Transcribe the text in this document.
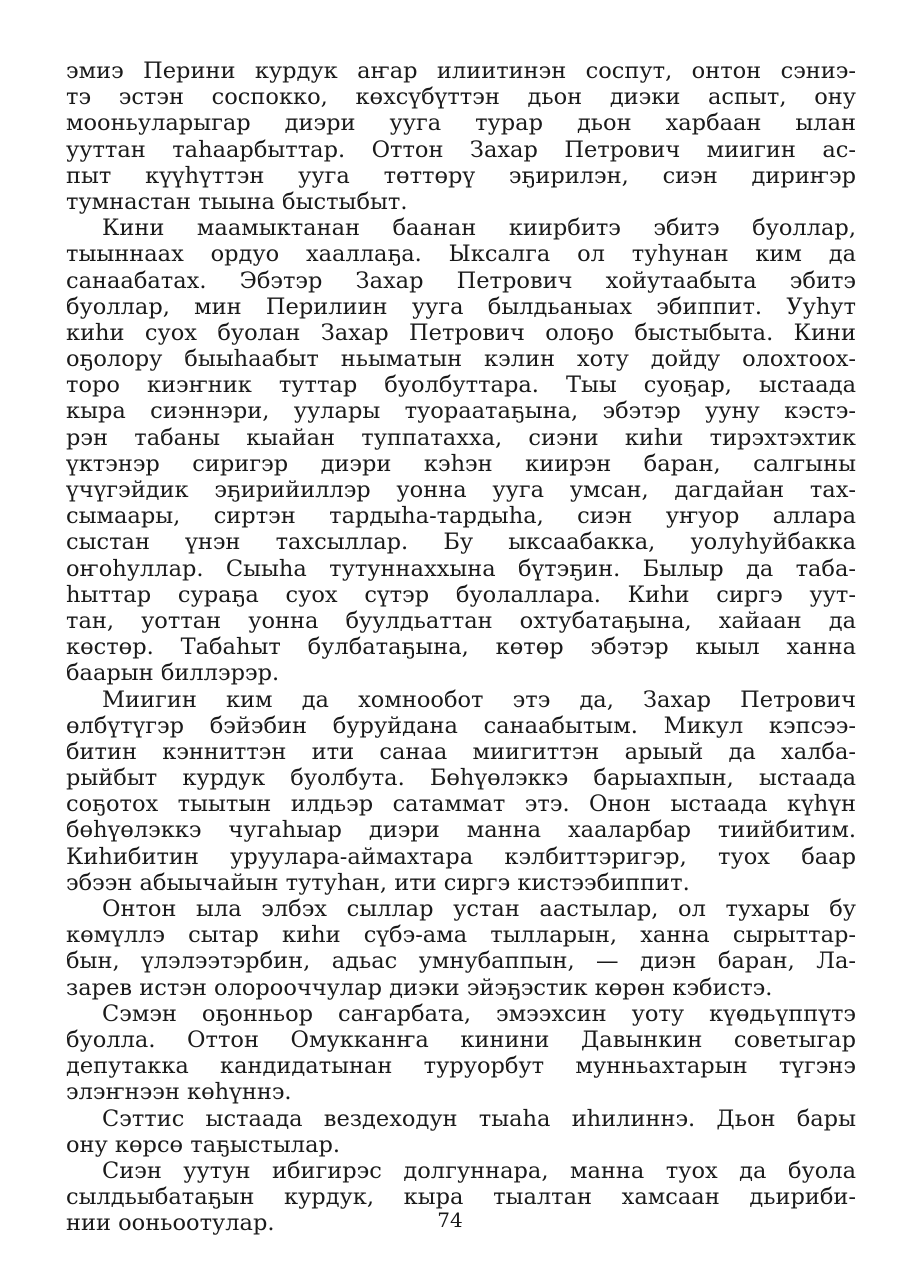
эмиэ Перини курдук аҥар илиитинэн соспут, онтон сэниэ-
тэ эстэн соспокко, көхсүбүттэн дьон диэки аспыт, ону
мооньуларыгар диэри ууга турар дьон харбаан ылан
ууттан таһаарбыттар. Оттон Захар Петрович миигин ас-
пыт күүһүттэн ууга төттөрү эҕирилэн, сиэн дириҥэр
тумнастан тыына быстыбыт.
Кини маамыктанан баанан киирбитэ эбитэ буоллар,
тыыннаах ордуо хааллаҕа. Ыксалга ол туһунан ким да
санаабатах. Эбэтэр Захар Петрович хойутаабыта эбитэ
буоллар, мин Перилиин ууга былдьаныах эбиппит. Ууһут
киһи суох буолан Захар Петрович олоҕо быстыбыта. Кини
оҕолору быыһаабыт ньыматын кэлин хоту дойду олохтоох-
торо киэҥник туттар буолбуттара. Тыы суоҕар, ыстаада
кыра сиэннэри, уулары туораатаҕына, эбэтэр ууну кэстэ-
рэн табаны кыайан туппатахха, сиэни киһи тирэхтэхтик
үктэнэр сиригэр диэри кэһэн киирэн баран, салгыны
үчүгэйдик эҕирийиллэр уонна ууга умсан, дагдайан тах-
сымаары, сиртэн тардыһа-тардыһа, сиэн уҥуор аллара
сыстан үнэн тахсыллар. Бу ыксаабакка, уолуһуйбакка
оҥоһуллар. Сыыһа тутуннаххына бүтэҕин. Былыр да таба-
һыттар сураҕа суох сүтэр буолаллара. Киһи сиргэ уут-
тан, уоттан уонна буулдьаттан охтубатаҕына, хайаан да
көстөр. Табаһыт булбатаҕына, көтөр эбэтэр кыыл ханна
баарын биллэрэр.
Миигин ким да хомнообот этэ да, Захар Петрович
өлбүтүгэр бэйэбин буруйдана санаабытым. Микул кэпсээ-
битин кэнниттэн ити санаа миигиттэн арыый да халба-
рыйбыт курдук буолбута. Бөһүөлэккэ барыахпын, ыстаада
соҕотох тыытын илдьэр сатаммат этэ. Онон ыстаада күһүн
бөһүөлэккэ чугаһыар диэри манна хааларбар тиийбитим.
Киһибитин уруулара-аймахтара кэлбиттэригэр, туох баар
эбээн абыычайын тутуһан, ити сиргэ кистээбиппит.
Онтон ыла элбэх сыллар устан аастылар, ол тухары бу
көмүллэ сытар киһи сүбэ-ама тылларын, ханна сырыттар-
бын, үлэлээтэрбин, адьас умнубаппын, — диэн баран, Ла-
зарев истэн олорооччулар диэки эйэҕэстик көрөн кэбистэ.
Сэмэн оҕонньор саҥарбата, эмээхсин уоту күөдьүппүтэ
буолла. Оттон Омукканҥа кинини Давынкин советыгар
депутакка кандидатынан туруорбут мунньахтарын түгэнэ
элэҥнээн көһүннэ.
Сэттис ыстаада вездеходун тыаһа иһилиннэ. Дьон бары
ону көрсө таҕыстылар.
Сиэн уутун ибигирэс долгуннара, манна туох да буола
сылдьыбатаҕын курдук, кыра тыалтан хамсаан дьириби-
нии ооньоотулар.	74
